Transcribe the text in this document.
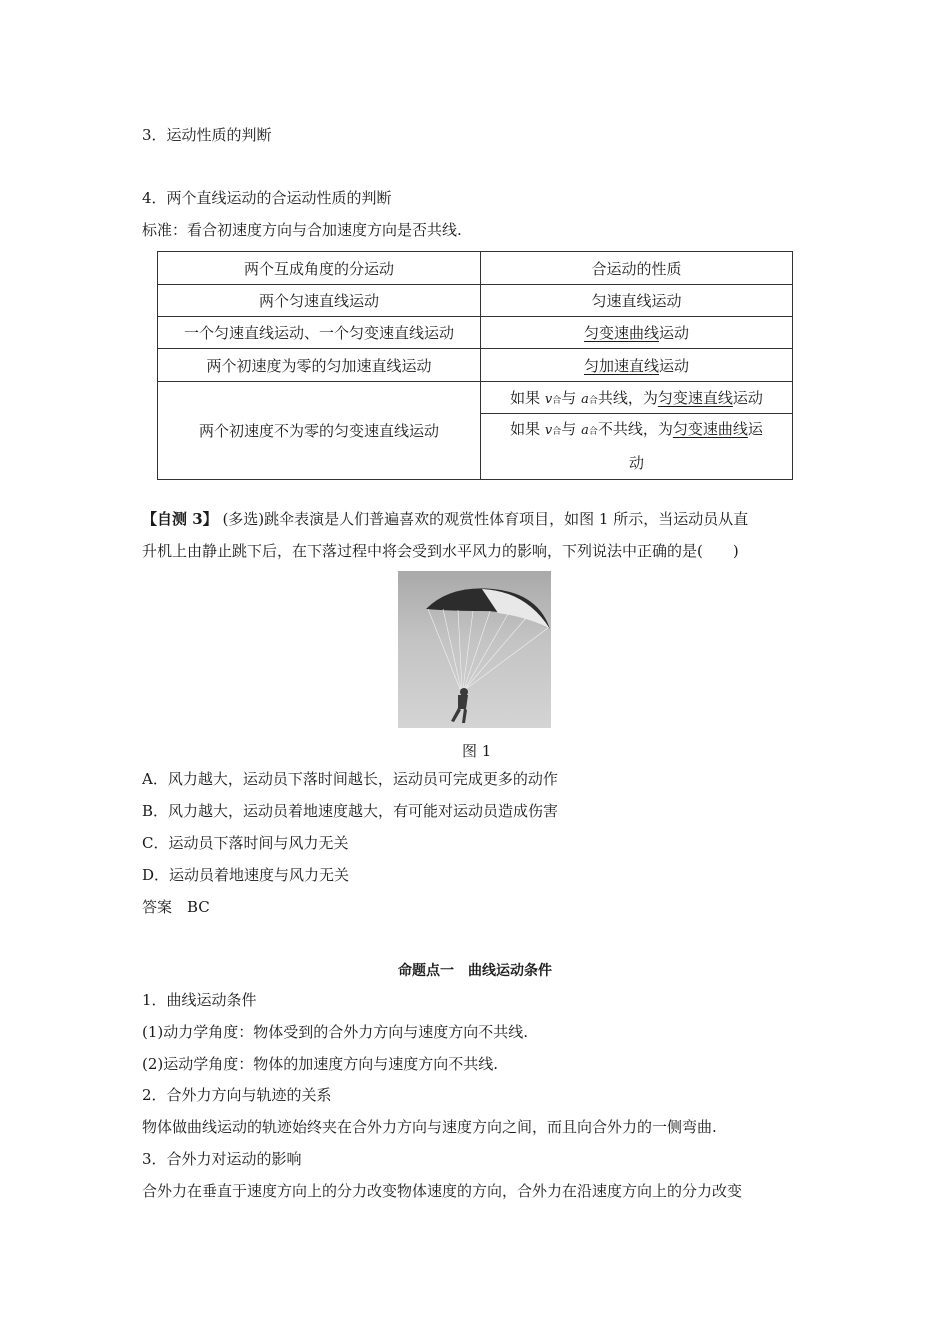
3．运动性质的判断
4．两个直线运动的合运动性质的判断
标准：看合初速度方向与合加速度方向是否共线.
两个互成角度的分运动	合运动的性质
两个匀速直线运动	匀速直线运动
一个匀速直线运动、一个匀变速直线运动	匀变速曲线运动
两个初速度为零的匀加速直线运动	匀加速直线运动
两个初速度不为零的匀变速直线运动	如果 v合与 a合共线，为匀变速直线运动
	如果 v合与 a合不共线，为匀变速曲线运
动
【自测 3】 (多选)跳伞表演是人们普遍喜欢的观赏性体育项目，如图 1 所示，当运动员从直
升机上由静止跳下后，在下落过程中将会受到水平风力的影响，下列说法中正确的是(　　)
图 1
A．风力越大，运动员下落时间越长，运动员可完成更多的动作
B．风力越大，运动员着地速度越大，有可能对运动员造成伤害
C．运动员下落时间与风力无关
D．运动员着地速度与风力无关
答案　BC
命题点一　曲线运动条件
1．曲线运动条件
(1)动力学角度：物体受到的合外力方向与速度方向不共线.
(2)运动学角度：物体的加速度方向与速度方向不共线.
2．合外力方向与轨迹的关系
物体做曲线运动的轨迹始终夹在合外力方向与速度方向之间，而且向合外力的一侧弯曲.
3．合外力对运动的影响
合外力在垂直于速度方向上的分力改变物体速度的方向，合外力在沿速度方向上的分力改变
